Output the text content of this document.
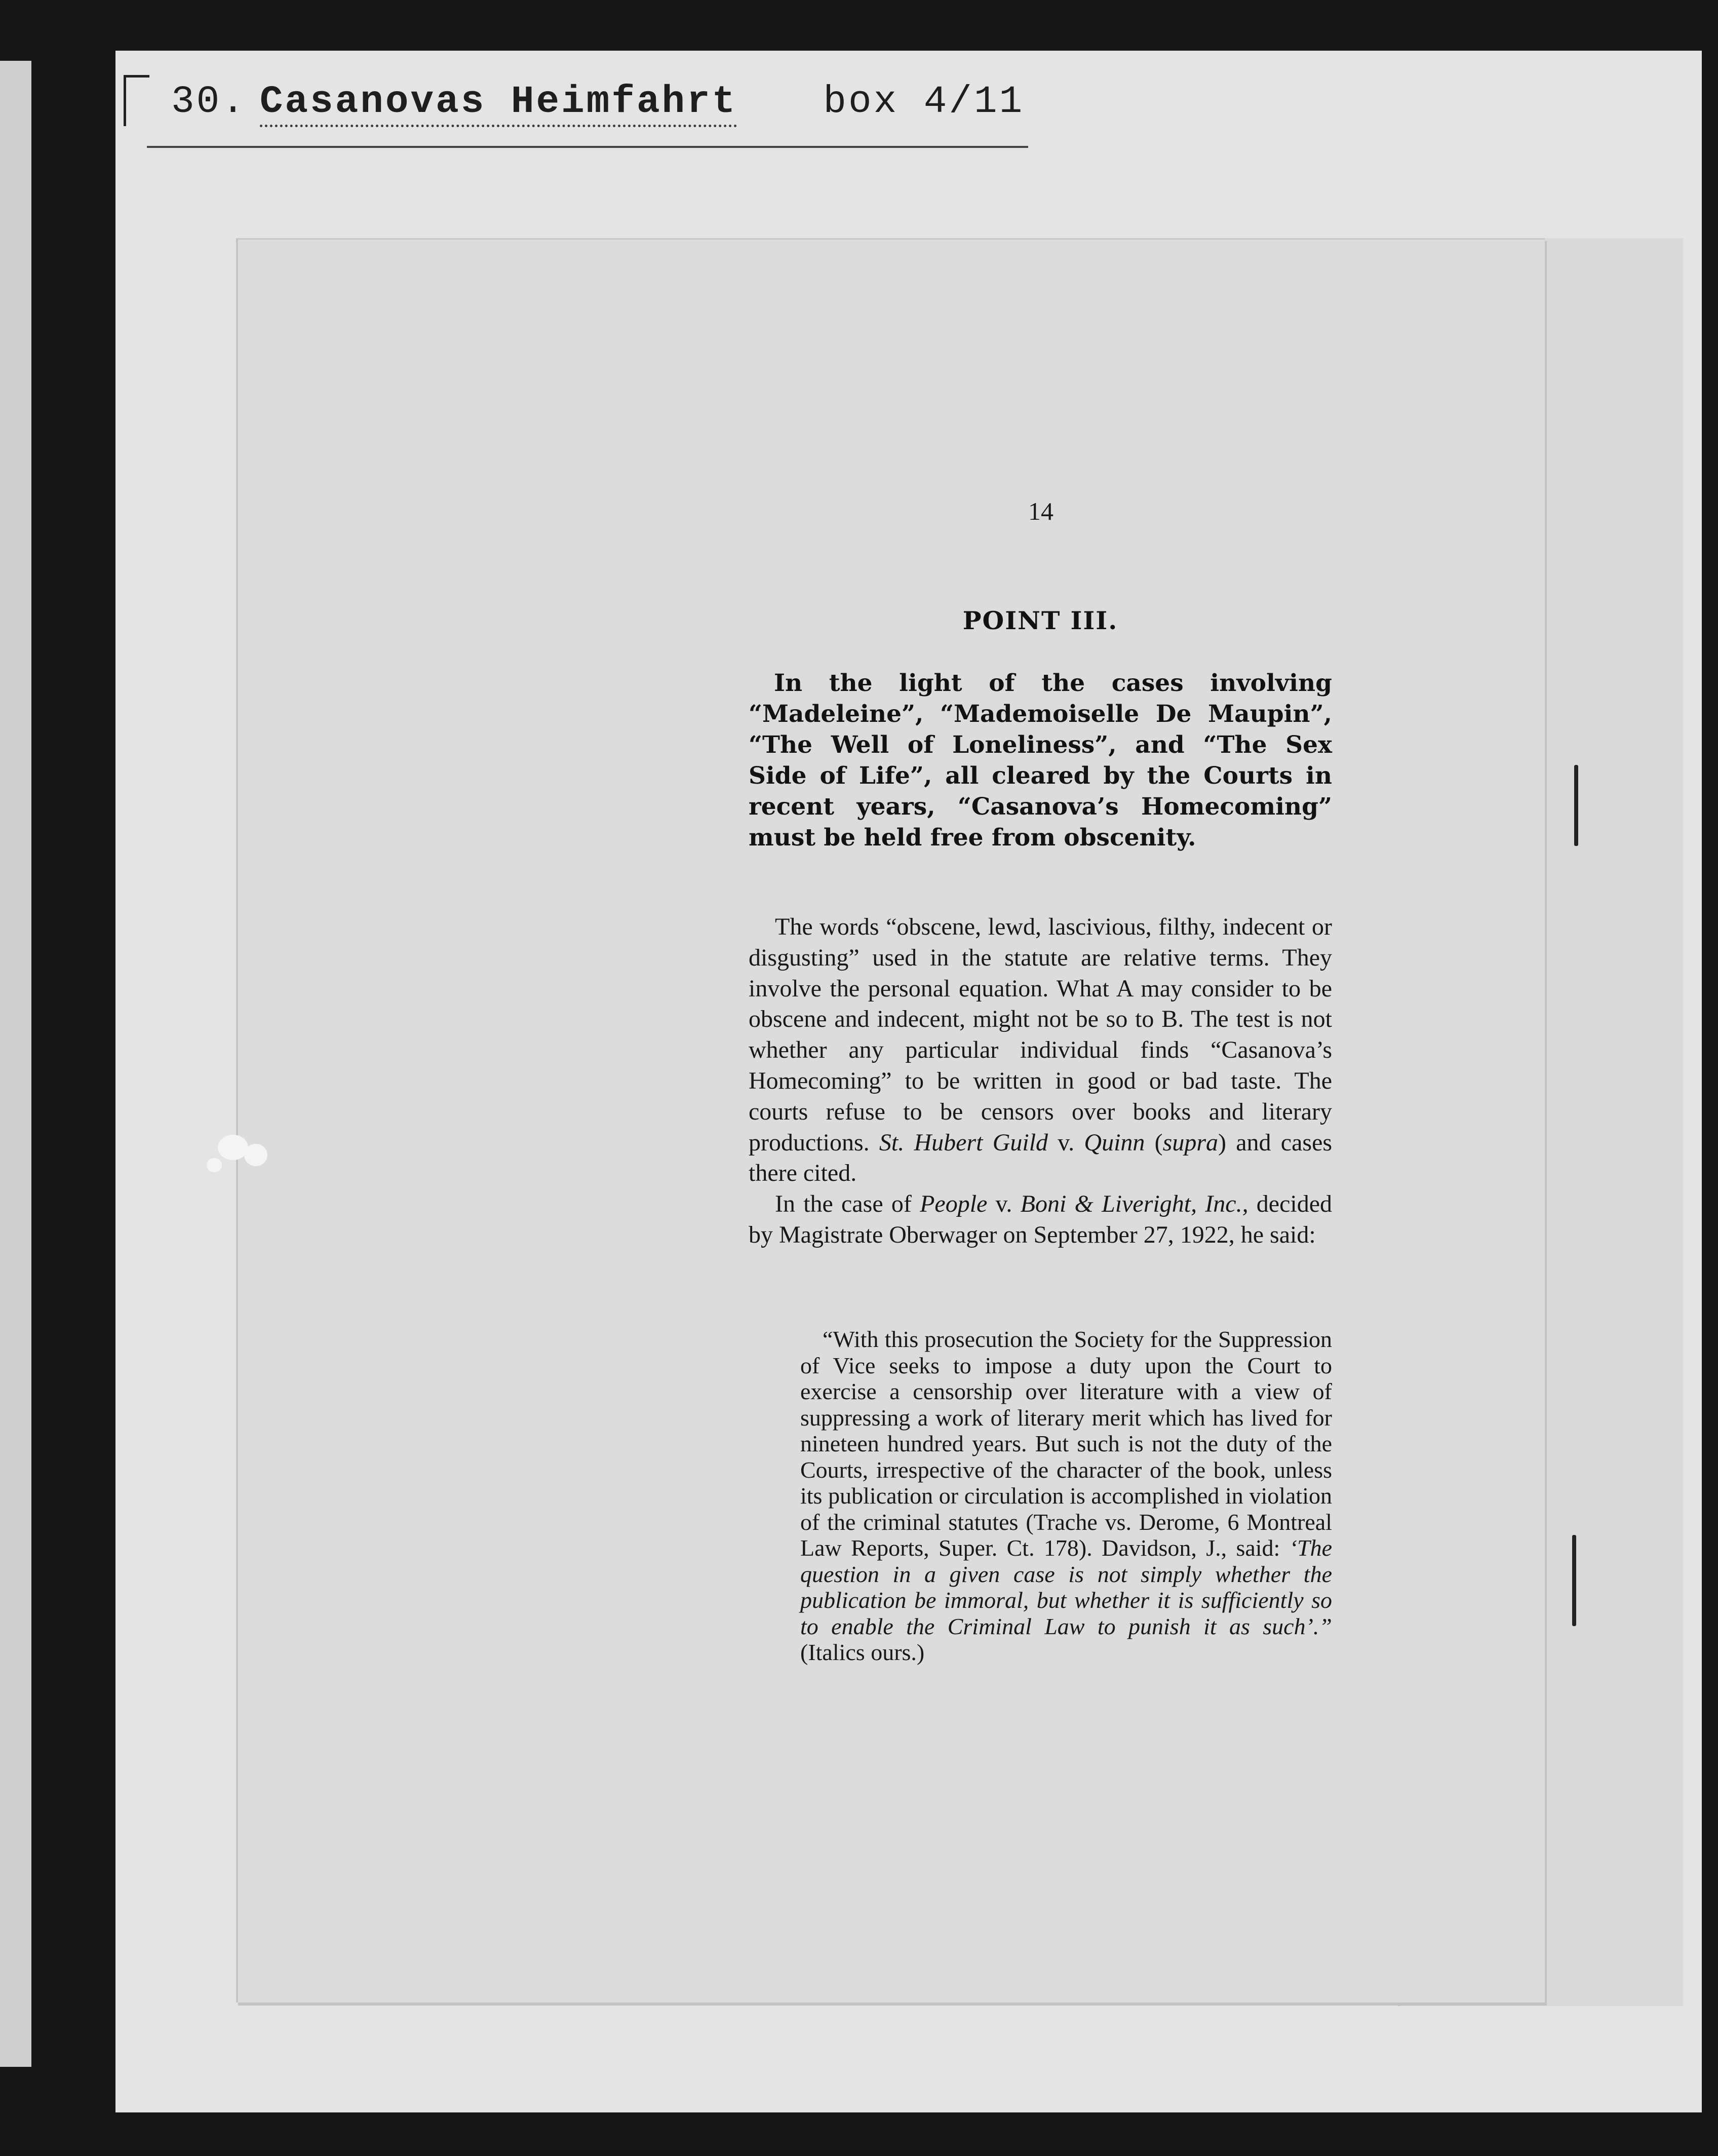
30. Casanovas Heimfahrt box 4/11
14
POINT III.
In the light of the cases involving “Madeleine”, “Mademoiselle De Maupin”, “The Well of Loneliness”, and “The Sex Side of Life”, all cleared by the Courts in recent years, “Casanova’s Homecoming” must be held free from obscenity.

The words “obscene, lewd, lascivious, filthy, indecent or disgusting” used in the statute are relative terms. They involve the personal equation. What A may consider to be obscene and indecent, might not be so to B. The test is not whether any particular individual finds “Casanova’s Homecoming” to be written in good or bad taste. The courts refuse to be censors over books and literary productions. St. Hubert Guild v. Quinn (supra) and cases there cited.

In the case of People v. Boni & Liveright, Inc., decided by Magistrate Oberwager on September 27, 1922, he said:

“With this prosecution the Society for the Suppression of Vice seeks to impose a duty upon the Court to exercise a censorship over literature with a view of suppressing a work of literary merit which has lived for nineteen hundred years. But such is not the duty of the Courts, irrespective of the character of the book, unless its publication or circulation is accomplished in violation of the criminal statutes (Trache vs. Derome, 6 Montreal Law Reports, Super. Ct. 178). Davidson, J., said: ‘The question in a given case is not simply whether the publication be immoral, but whether it is sufficiently so to enable the Criminal Law to punish it as such’.” (Italics ours.)
